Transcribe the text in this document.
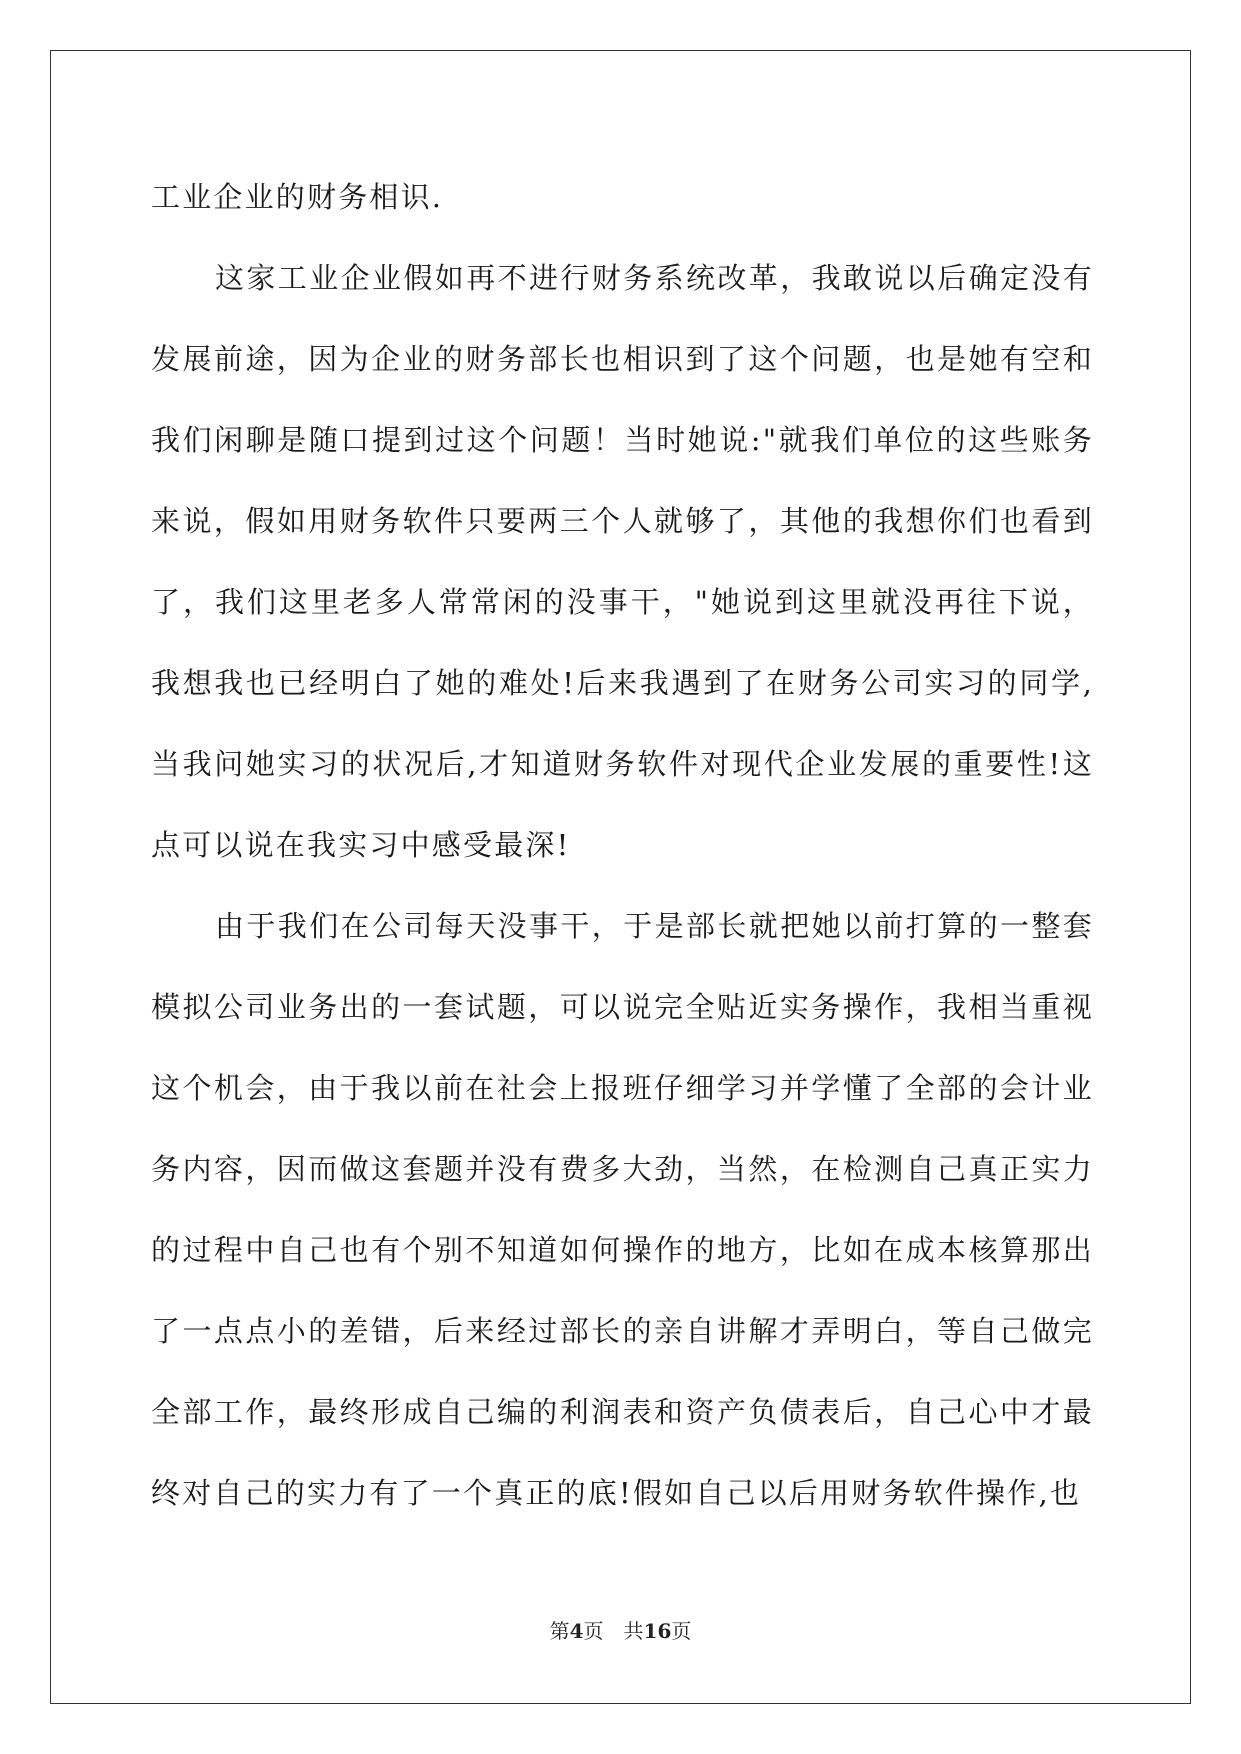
工业企业的财务相识.

这家工业企业假如再不进行财务系统改革，我敢说以后确定没有发展前途，因为企业的财务部长也相识到了这个问题，也是她有空和我们闲聊是随口提到过这个问题！当时她说:"就我们单位的这些账务来说，假如用财务软件只要两三个人就够了，其他的我想你们也看到了，我们这里老多人常常闲的没事干，"她说到这里就没再往下说，我想我也已经明白了她的难处!后来我遇到了在财务公司实习的同学,当我问她实习的状况后,才知道财务软件对现代企业发展的重要性!这点可以说在我实习中感受最深!

由于我们在公司每天没事干，于是部长就把她以前打算的一整套模拟公司业务出的一套试题，可以说完全贴近实务操作，我相当重视这个机会，由于我以前在社会上报班仔细学习并学懂了全部的会计业务内容，因而做这套题并没有费多大劲，当然，在检测自己真正实力的过程中自己也有个别不知道如何操作的地方，比如在成本核算那出了一点点小的差错，后来经过部长的亲自讲解才弄明白，等自己做完全部工作，最终形成自己编的利润表和资产负债表后，自己心中才最终对自己的实力有了一个真正的底!假如自己以后用财务软件操作,也

第4页 共16页
